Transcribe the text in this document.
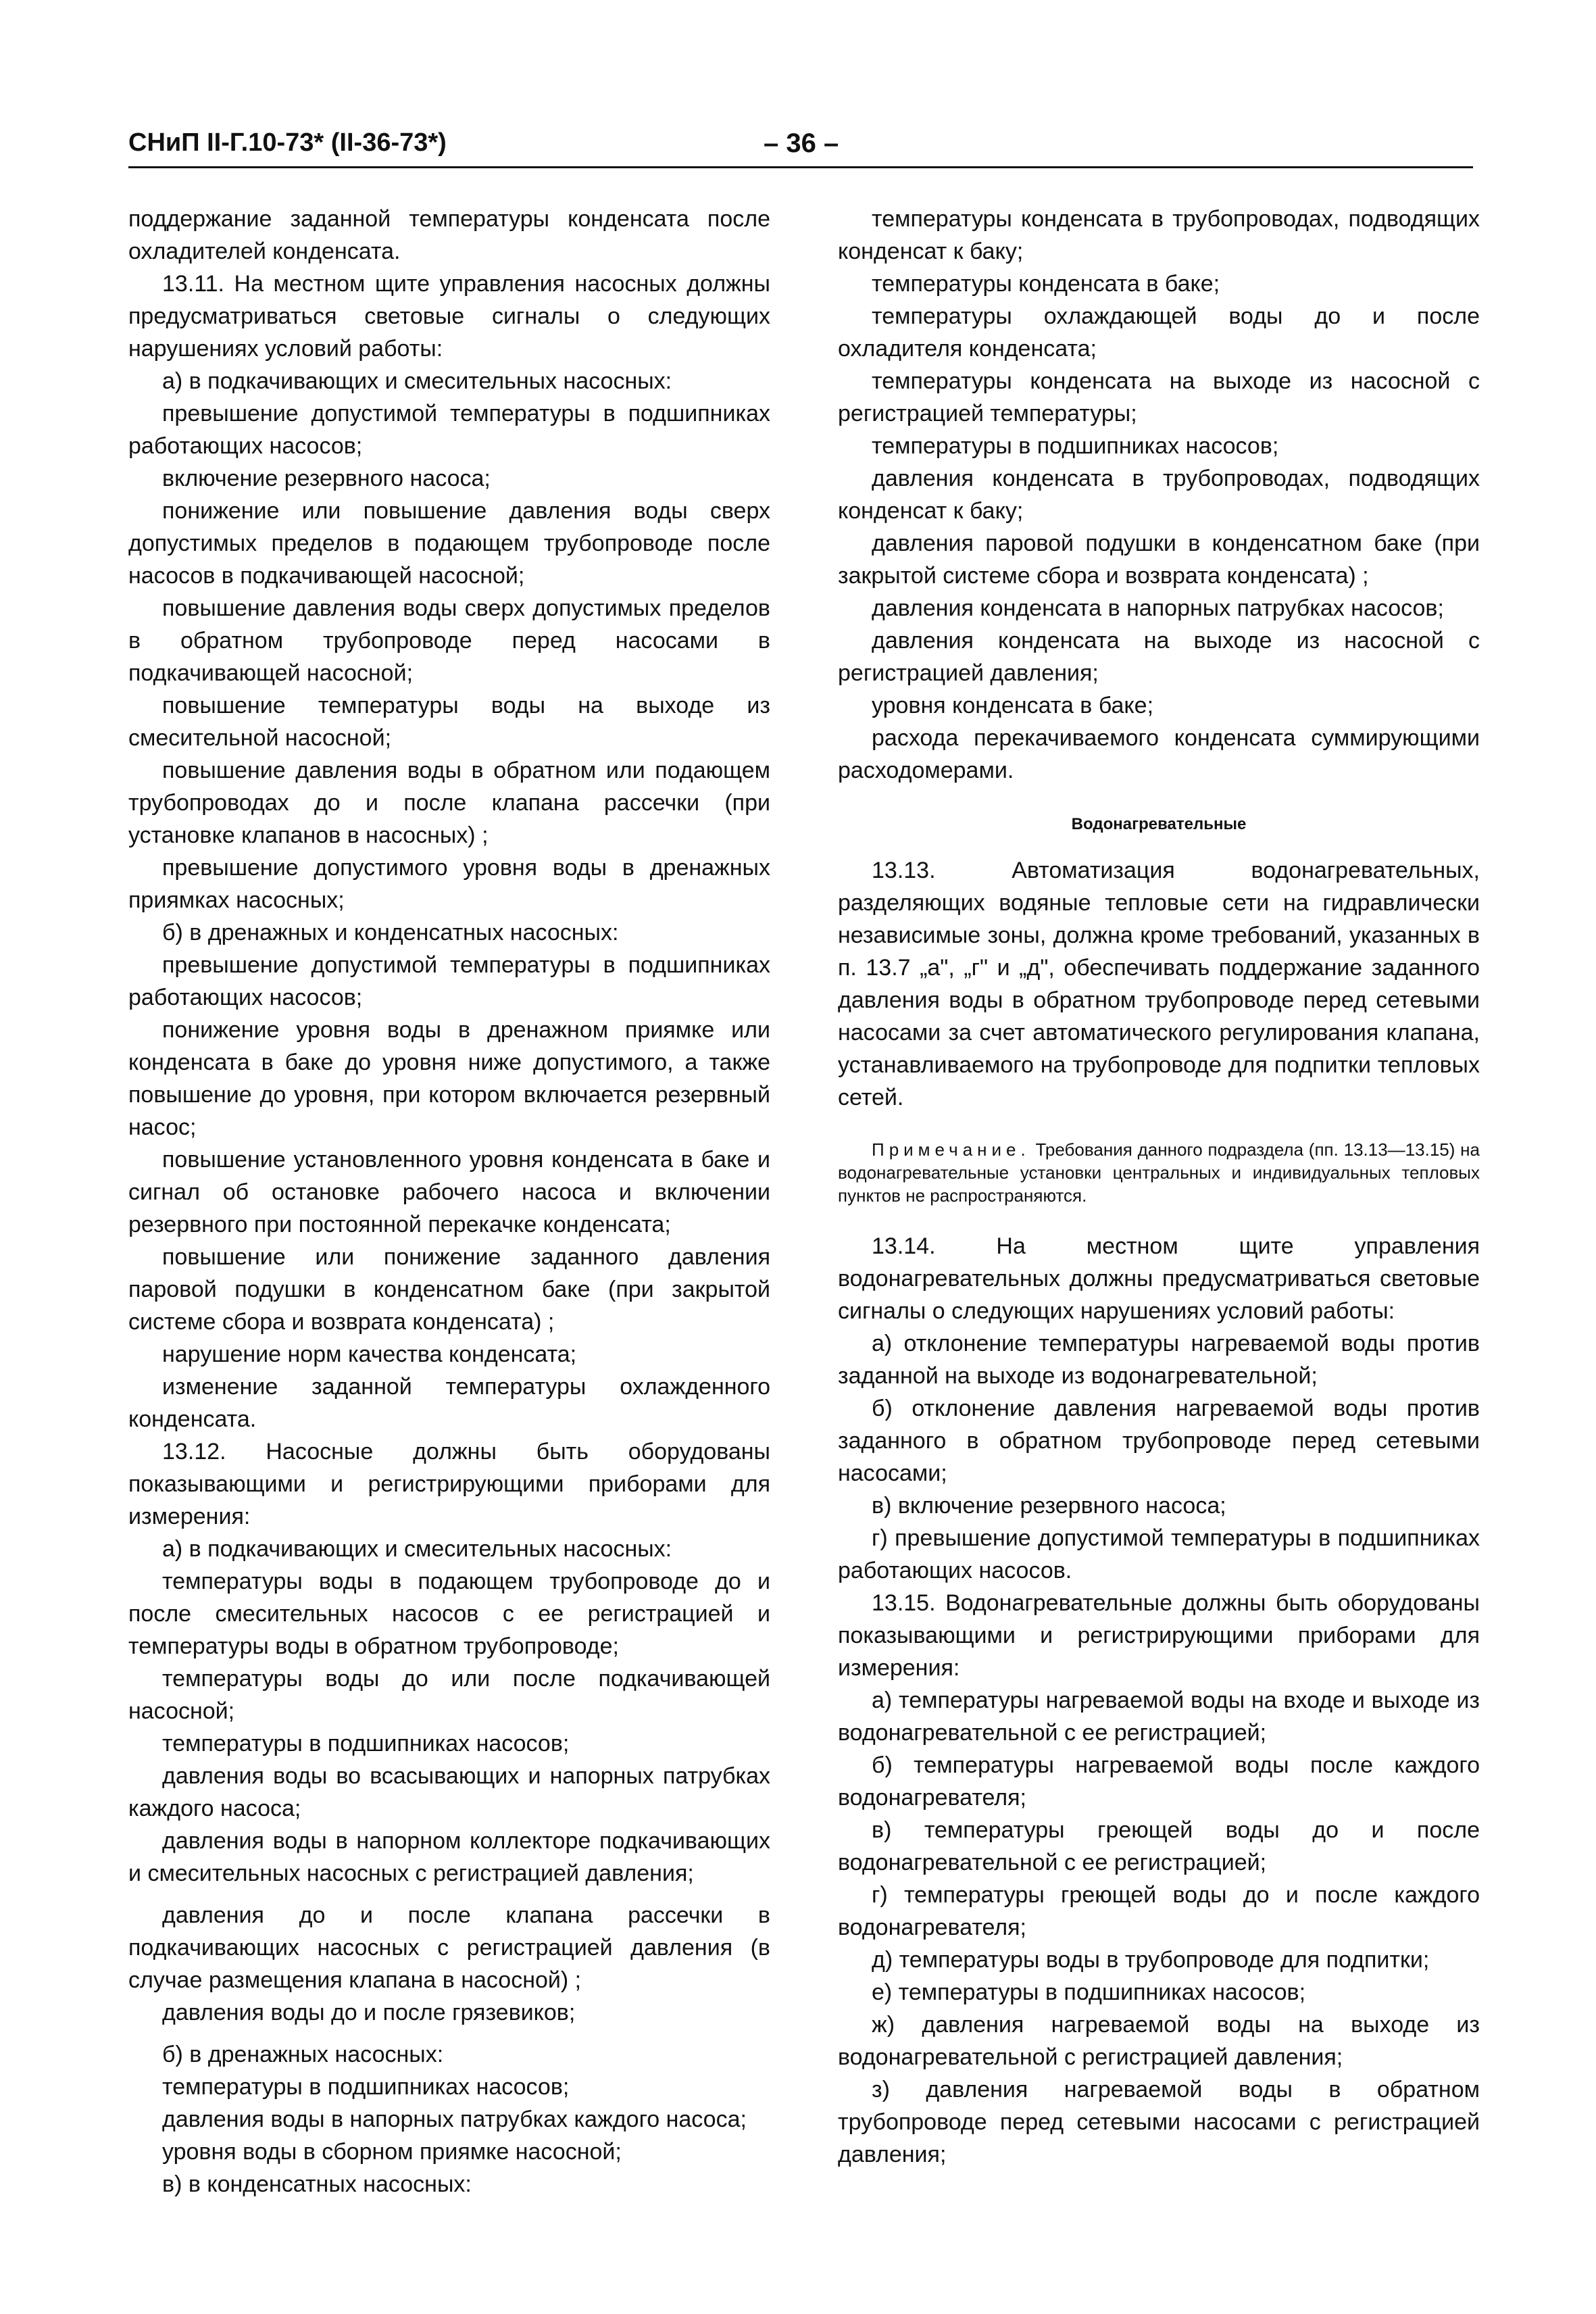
СНиП II-Г.10-73* (II-36-73*)	– 36 –

поддержание заданной температуры конденсата после охладителей конденсата.

13.11. На местном щите управления насосных должны предусматриваться световые сигналы о следующих нарушениях условий работы:

а) в подкачивающих и смесительных насосных:

превышение допустимой температуры в подшипниках работающих насосов;

включение резервного насоса;

понижение или повышение давления воды сверх допустимых пределов в подающем трубопроводе после насосов в подкачивающей насосной;

повышение давления воды сверх допустимых пределов в обратном трубопроводе перед насосами в подкачивающей насосной;

повышение температуры воды на выходе из смесительной насосной;

повышение давления воды в обратном или подающем трубопроводах до и после клапана рассечки (при установке клапанов в насосных) ;

превышение допустимого уровня воды в дренажных приямках насосных;

б) в дренажных и конденсатных насосных:

превышение допустимой температуры в подшипниках работающих насосов;

понижение уровня воды в дренажном приямке или конденсата в баке до уровня ниже допустимого, а также повышение до уровня, при котором включается резервный насос;

повышение установленного уровня конденсата в баке и сигнал об остановке рабочего насоса и включении резервного при постоянной перекачке конденсата;

повышение или понижение заданного давления паровой подушки в конденсатном баке (при закрытой системе сбора и возврата конденсата) ;

нарушение норм качества конденсата;

изменение заданной температуры охлажденного конденсата.

13.12. Насосные должны быть оборудованы показывающими и регистрирующими приборами для измерения:

а) в подкачивающих и смесительных насосных:

температуры воды в подающем трубопроводе до и после смесительных насосов с ее регистрацией и температуры воды в обратном трубопроводе;

температуры воды до или после подкачивающей насосной;

температуры в подшипниках насосов;

давления воды во всасывающих и напорных патрубках каждого насоса;

давления воды в напорном коллекторе подкачивающих и смесительных насосных с регистрацией давления;

давления до и после клапана рассечки в подкачивающих насосных с регистрацией давления (в случае размещения клапана в насосной) ;

давления воды до и после грязевиков;

б) в дренажных насосных:

температуры в подшипниках насосов;

давления воды в напорных патрубках каждого насоса;

уровня воды в сборном приямке насосной;

в) в конденсатных насосных:

температуры конденсата в трубопроводах, подводящих конденсат к баку;

температуры конденсата в баке;

температуры охлаждающей воды до и после охладителя конденсата;

температуры конденсата на выходе из насосной с регистрацией температуры;

температуры в подшипниках насосов;

давления конденсата в трубопроводах, подводящих конденсат к баку;

давления паровой подушки в конденсатном баке (при закрытой системе сбора и возврата конденсата) ;

давления конденсата в напорных патрубках насосов;

давления конденсата на выходе из насосной с регистрацией давления;

уровня конденсата в баке;

расхода перекачиваемого конденсата суммирующими расходомерами.

Водонагревательные

13.13. Автоматизация водонагревательных, разделяющих водяные тепловые сети на гидравлически независимые зоны, должна кроме требований, указанных в п. 13.7 „а", „г" и „д", обеспечивать поддержание заданного давления воды в обратном трубопроводе перед сетевыми насосами за счет автоматического регулирования клапана, устанавливаемого на трубопроводе для подпитки тепловых сетей.

Примечание. Требования данного подраздела (пп. 13.13—13.15) на водонагревательные установки центральных и индивидуальных тепловых пунктов не распространяются.

13.14. На местном щите управления водонагревательных должны предусматриваться световые сигналы о следующих нарушениях условий работы:

а) отклонение температуры нагреваемой воды против заданной на выходе из водонагревательной;

б) отклонение давления нагреваемой воды против заданного в обратном трубопроводе перед сетевыми насосами;

в) включение резервного насоса;

г) превышение допустимой температуры в подшипниках работающих насосов.

13.15. Водонагревательные должны быть оборудованы показывающими и регистрирующими приборами для измерения:

а) температуры нагреваемой воды на входе и выходе из водонагревательной с ее регистрацией;

б) температуры нагреваемой воды после каждого водонагревателя;

в) температуры греющей воды до и после водонагревательной с ее регистрацией;

г) температуры греющей воды до и после каждого водонагревателя;

д) температуры воды в трубопроводе для подпитки;

е) температуры в подшипниках насосов;

ж) давления нагреваемой воды на выходе из водонагревательной с регистрацией давления;

з) давления нагреваемой воды в обратном трубопроводе перед сетевыми насосами с регистрацией давления;
